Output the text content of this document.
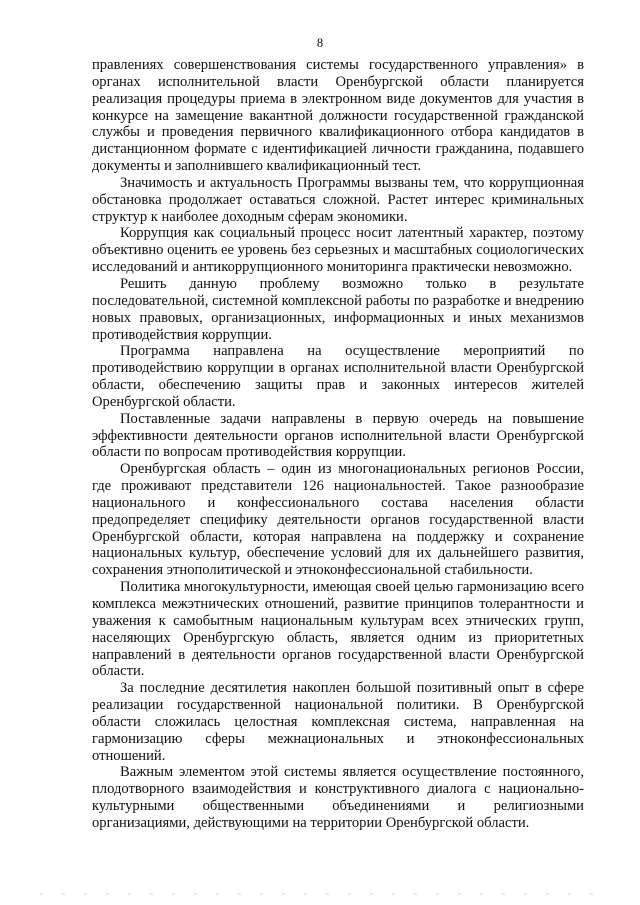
8

правлениях совершенствования системы государственного управления» в органах исполнительной власти Оренбургской области планируется реализация процедуры приема в электронном виде документов для участия в конкурсе на замещение вакантной должности государственной гражданской службы и проведения первичного квалификационного отбора кандидатов в дистанционном формате с идентификацией личности гражданина, подавшего документы и заполнившего квалификационный тест.

Значимость и актуальность Программы вызваны тем, что коррупционная обстановка продолжает оставаться сложной. Растет интерес криминальных структур к наиболее доходным сферам экономики.

Коррупция как социальный процесс носит латентный характер, поэтому объективно оценить ее уровень без серьезных и масштабных социологических исследований и антикоррупционного мониторинга практически невозможно.

Решить данную проблему возможно только в результате последовательной, системной комплексной работы по разработке и внедрению новых правовых, организационных, информационных и иных механизмов противодействия коррупции.

Программа направлена на осуществление мероприятий по противодействию коррупции в органах исполнительной власти Оренбургской области, обеспечению защиты прав и законных интересов жителей Оренбургской области.

Поставленные задачи направлены в первую очередь на повышение эффективности деятельности органов исполнительной власти Оренбургской области по вопросам противодействия коррупции.

Оренбургская область – один из многонациональных регионов России, где проживают представители 126 национальностей. Такое разнообразие национального и конфессионального состава населения области предопределяет специфику деятельности органов государственной власти Оренбургской области, которая направлена на поддержку и сохранение национальных культур, обеспечение условий для их дальнейшего развития, сохранения этнополитической и этноконфессиональной стабильности.

Политика многокультурности, имеющая своей целью гармонизацию всего комплекса межэтнических отношений, развитие принципов толерантности и уважения к самобытным национальным культурам всех этнических групп, населяющих Оренбургскую область, является одним из приоритетных направлений в деятельности органов государственной власти Оренбургской области.

За последние десятилетия накоплен большой позитивный опыт в сфере реализации государственной национальной политики. В Оренбургской области сложилась целостная комплексная система, направленная на гармонизацию сферы межнациональных и этноконфессиональных отношений.

Важным элементом этой системы является осуществление постоянного, плодотворного взаимодействия и конструктивного диалога с национально-культурными общественными объединениями и религиозными организациями, действующими на территории Оренбургской области.
